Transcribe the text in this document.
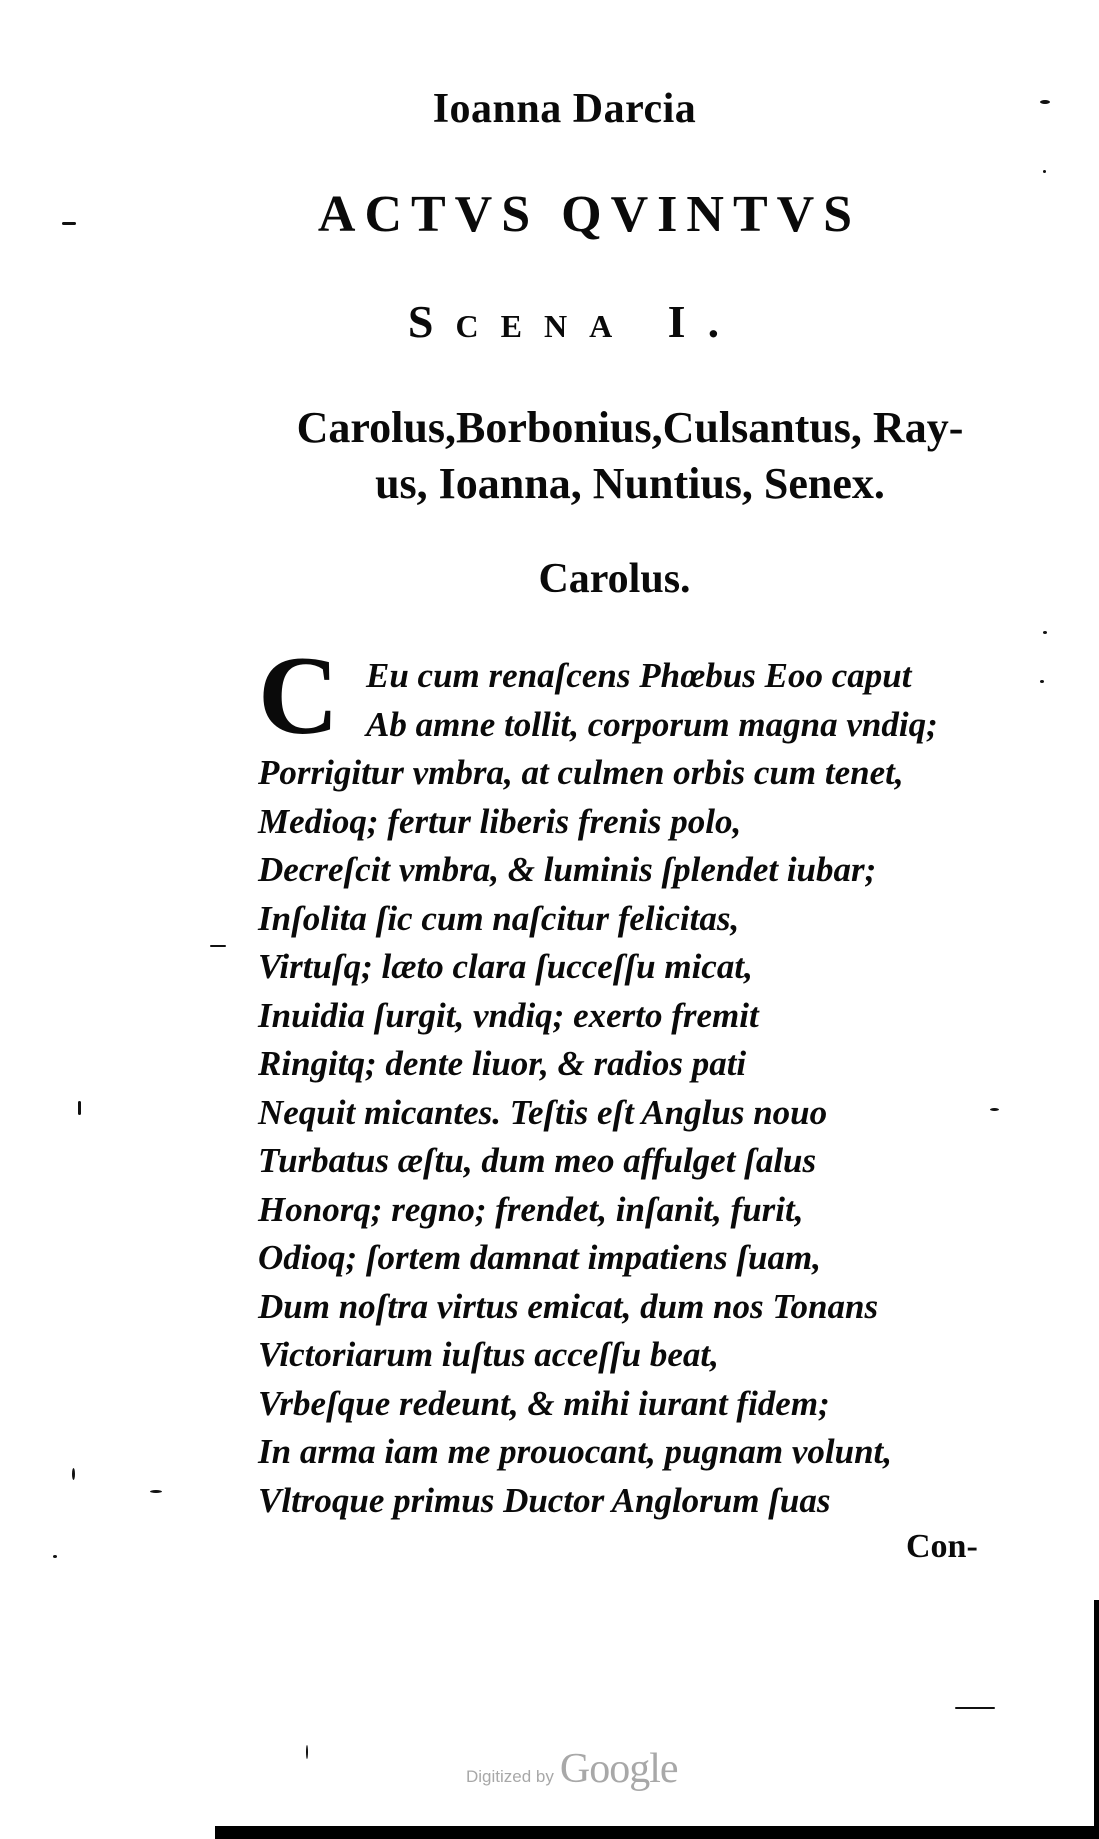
Ioanna Darcia
ACTVS QVINTVS
Scena I.
Carolus,Borbonius,Culsantus, Ray-
us, Ioanna, Nuntius, Senex.
Carolus.
C Eu cum renaſcens Phœbus Eoo caput
Ab amne tollit, corporum magna vndiq;
Porrigitur vmbra, at culmen orbis cum tenet,
Medioq; fertur liberis frenis polo,
Decreſcit vmbra, & luminis ſplendet iubar;
Inſolita ſic cum naſcitur felicitas,
Virtuſq; læto clara ſucceſſu micat,
Inuidia ſurgit, vndiq; exerto fremit
Ringitq; dente liuor, & radios pati
Nequit micantes. Teſtis eſt Anglus nouo
Turbatus æſtu, dum meo affulget ſalus
Honorq; regno; frendet, inſanit, furit,
Odioq; ſortem damnat impatiens ſuam,
Dum noſtra virtus emicat, dum nos Tonans
Victoriarum iuſtus acceſſu beat,
Vrbeſque redeunt, & mihi iurant fidem;
In arma iam me prouocant, pugnam volunt,
Vltroque primus Ductor Anglorum ſuas
Con-
Digitized by Google
